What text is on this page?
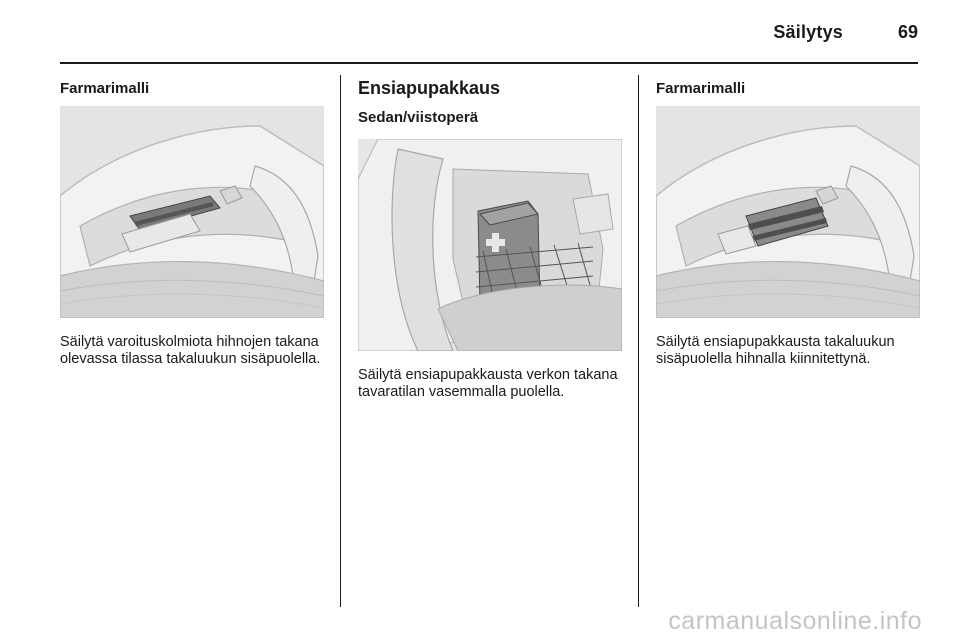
Säilytys	69
Farmarimalli

Säilytä varoituskolmiota hihnojen takana olevassa tilassa takaluukun sisäpuolella.

Ensiapupakkaus
Sedan/viistoperä

Säilytä ensiapupakkausta verkon takana tavaratilan vasemmalla puolella.

Farmarimalli

Säilytä ensiapupakkausta takaluukun sisäpuolella hihnalla kiinnitettynä.

carmanualsonline.info
